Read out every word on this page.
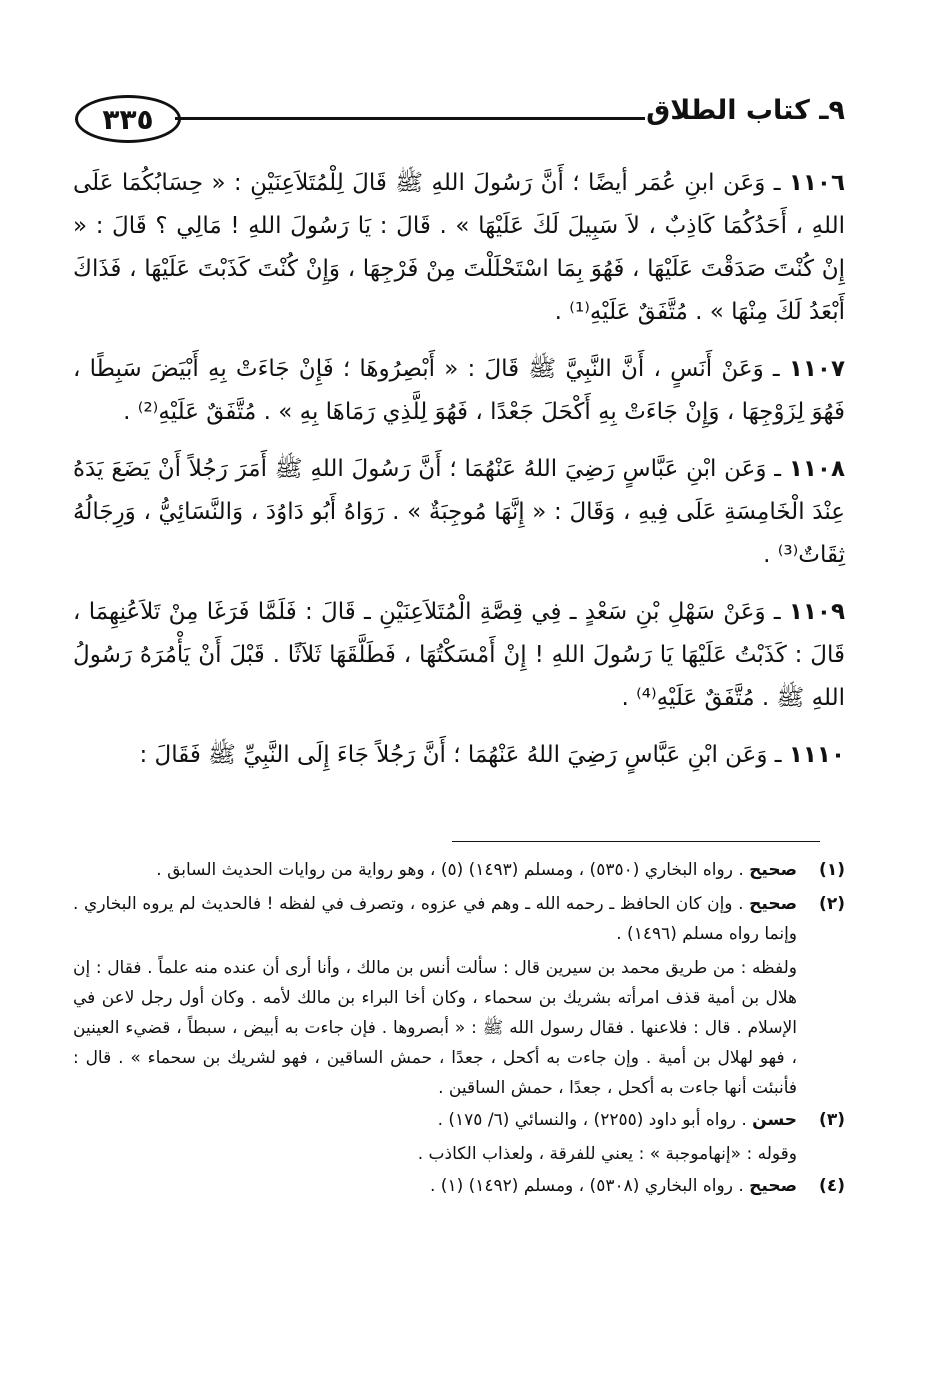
٩ـ كتاب الطلاق
٣٣٥

١١٠٦ ـ وَعَن ابنِ عُمَر أيضًا ؛ أَنَّ رَسُولَ اللهِ ﷺ قَالَ لِلْمُتَلاَعِنَيْنِ : « حِسَابُكُمَا عَلَى اللهِ ، أَحَدُكُمَا كَاذِبٌ ، لاَ سَبِيلَ لَكَ عَلَيْهَا » . قَالَ : يَا رَسُولَ اللهِ ! مَالِي ؟ قَالَ : « إِنْ كُنْتَ صَدَقْتَ عَلَيْهَا ، فَهُوَ بِمَا اسْتَحْلَلْتَ مِنْ فَرْجِهَا ، وَإِنْ كُنْتَ كَذَبْتَ عَلَيْهَا ، فَذَاكَ أَبْعَدُ لَكَ مِنْهَا » . مُتَّفَقٌ عَلَيْهِ⁽¹⁾ .

١١٠٧ ـ وَعَنْ أَنَسٍ ، أَنَّ النَّبِيَّ ﷺ قَالَ : « أَبْصِرُوهَا ؛ فَإِنْ جَاءَتْ بِهِ أَبْيَضَ سَبِطًا ، فَهُوَ لِزَوْجِهَا ، وَإِنْ جَاءَتْ بِهِ أَكْحَلَ جَعْدًا ، فَهُوَ لِلَّذِي رَمَاهَا بِهِ » . مُتَّفَقٌ عَلَيْهِ⁽²⁾ .

١١٠٨ ـ وَعَن ابْنِ عَبَّاسٍ رَضِيَ اللهُ عَنْهُمَا ؛ أَنَّ رَسُولَ اللهِ ﷺ أَمَرَ رَجُلاً أَنْ يَضَعَ يَدَهُ عِنْدَ الْخَامِسَةِ عَلَى فِيهِ ، وَقَالَ : « إِنَّهَا مُوجِبَةٌ » . رَوَاهُ أَبُو دَاوُدَ ، وَالنَّسَائِيُّ ، وَرِجَالُهُ ثِقَاتٌ⁽³⁾ .

١١٠٩ ـ وَعَنْ سَهْلِ بْنِ سَعْدٍ ـ فِي قِصَّةِ الْمُتَلاَعِنَيْنِ ـ قَالَ : فَلَمَّا فَرَغَا مِنْ تَلاَعُنِهِمَا ، قَالَ : كَذَبْتُ عَلَيْهَا يَا رَسُولَ اللهِ ! إِنْ أَمْسَكْتُهَا ، فَطَلَّقَهَا ثَلاَثًا . قَبْلَ أَنْ يَأْمُرَهُ رَسُولُ اللهِ ﷺ . مُتَّفَقٌ عَلَيْهِ⁽⁴⁾ .

١١١٠ ـ وَعَن ابْنِ عَبَّاسٍ رَضِيَ اللهُ عَنْهُمَا ؛ أَنَّ رَجُلاً جَاءَ إِلَى النَّبِيِّ ﷺ فَقَالَ :

(١)
صحيح . رواه البخاري (٥٣٥٠) ، ومسلم (١٤٩٣) (٥) ، وهو رواية من روايات الحديث السابق .
(٢)
صحيح . وإن كان الحافظ ـ رحمه الله ـ وهم في عزوه ، وتصرف في لفظه ! فالحديث لم يروه البخاري . وإنما رواه مسلم (١٤٩٦) .

ولفظه : من طريق محمد بن سيرين قال : سألت أنس بن مالك ، وأنا أرى أن عنده منه علماً . فقال : إن هلال بن أمية قذف امرأته بشريك بن سحماء ، وكان أخا البراء بن مالك لأمه . وكان أول رجل لاعن في الإسلام . قال : فلاعنها . فقال رسول الله ﷺ : « أبصروها . فإن جاءت به أبيض ، سبطاً ، قضيء العينين ، فهو لهلال بن أمية . وإن جاءت به أكحل ، جعدًا ، حمش الساقين ، فهو لشريك بن سحماء » . قال : فأنبئت أنها جاءت به أكحل ، جعدًا ، حمش الساقين .

(٣)
حسن . رواه أبو داود (٢٢٥٥) ، والنسائي (٦/ ١٧٥) .

وقوله : «إنهاموجبة » : يعني للفرقة ، ولعذاب الكاذب .

(٤)
صحيح . رواه البخاري (٥٣٠٨) ، ومسلم (١٤٩٢) (١) .
